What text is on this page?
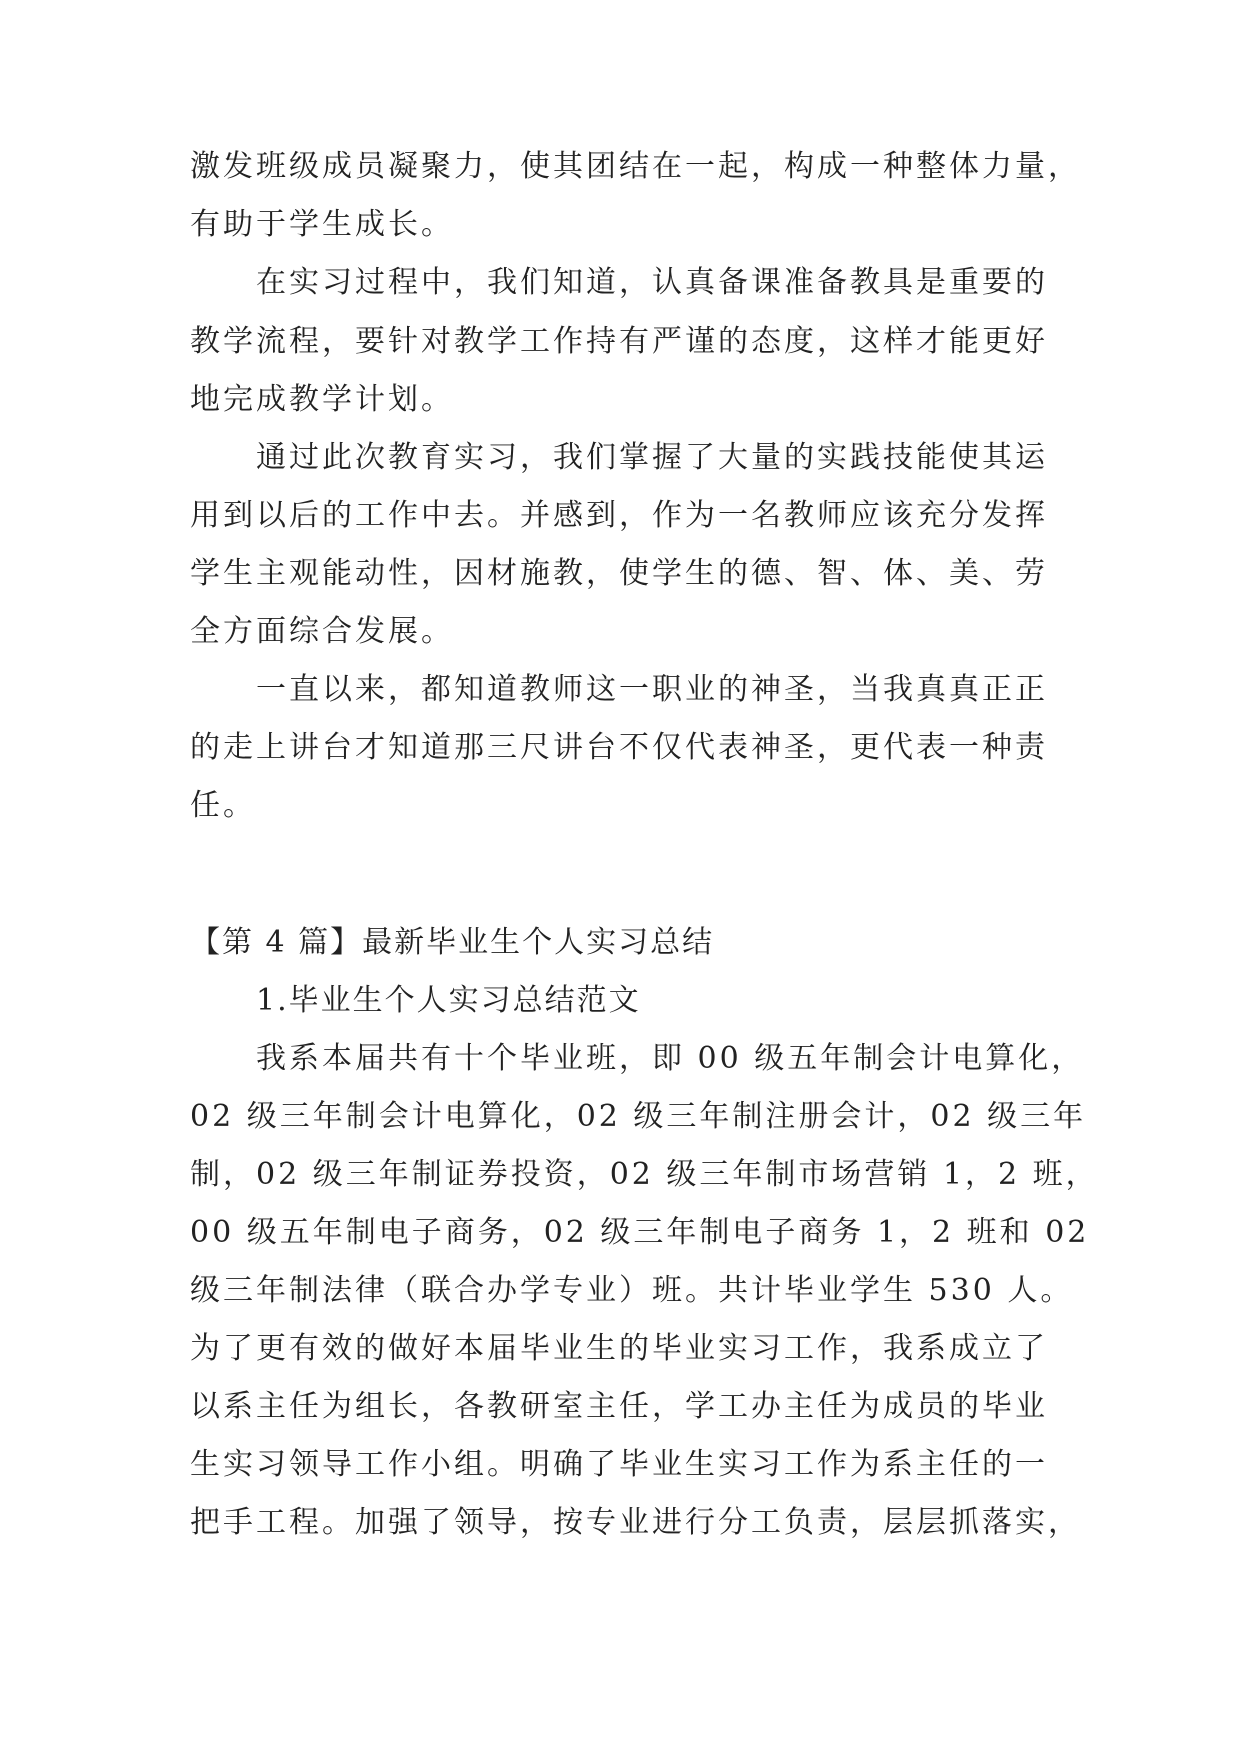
激发班级成员凝聚力，使其团结在一起，构成一种整体力量，
有助于学生成长。
在实习过程中，我们知道，认真备课准备教具是重要的
教学流程，要针对教学工作持有严谨的态度，这样才能更好
地完成教学计划。
通过此次教育实习，我们掌握了大量的实践技能使其运
用到以后的工作中去。并感到，作为一名教师应该充分发挥
学生主观能动性，因材施教，使学生的德、智、体、美、劳
全方面综合发展。
一直以来，都知道教师这一职业的神圣，当我真真正正
的走上讲台才知道那三尺讲台不仅代表神圣，更代表一种责
任。
【第 4 篇】最新毕业生个人实习总结
1.毕业生个人实习总结范文
我系本届共有十个毕业班，即 00 级五年制会计电算化，
02 级三年制会计电算化，02 级三年制注册会计，02 级三年
制，02 级三年制证券投资，02 级三年制市场营销 1，2 班，
00 级五年制电子商务，02 级三年制电子商务 1，2 班和 02
级三年制法律（联合办学专业）班。共计毕业学生 530 人。
为了更有效的做好本届毕业生的毕业实习工作，我系成立了
以系主任为组长，各教研室主任，学工办主任为成员的毕业
生实习领导工作小组。明确了毕业生实习工作为系主任的一
把手工程。加强了领导，按专业进行分工负责，层层抓落实，
